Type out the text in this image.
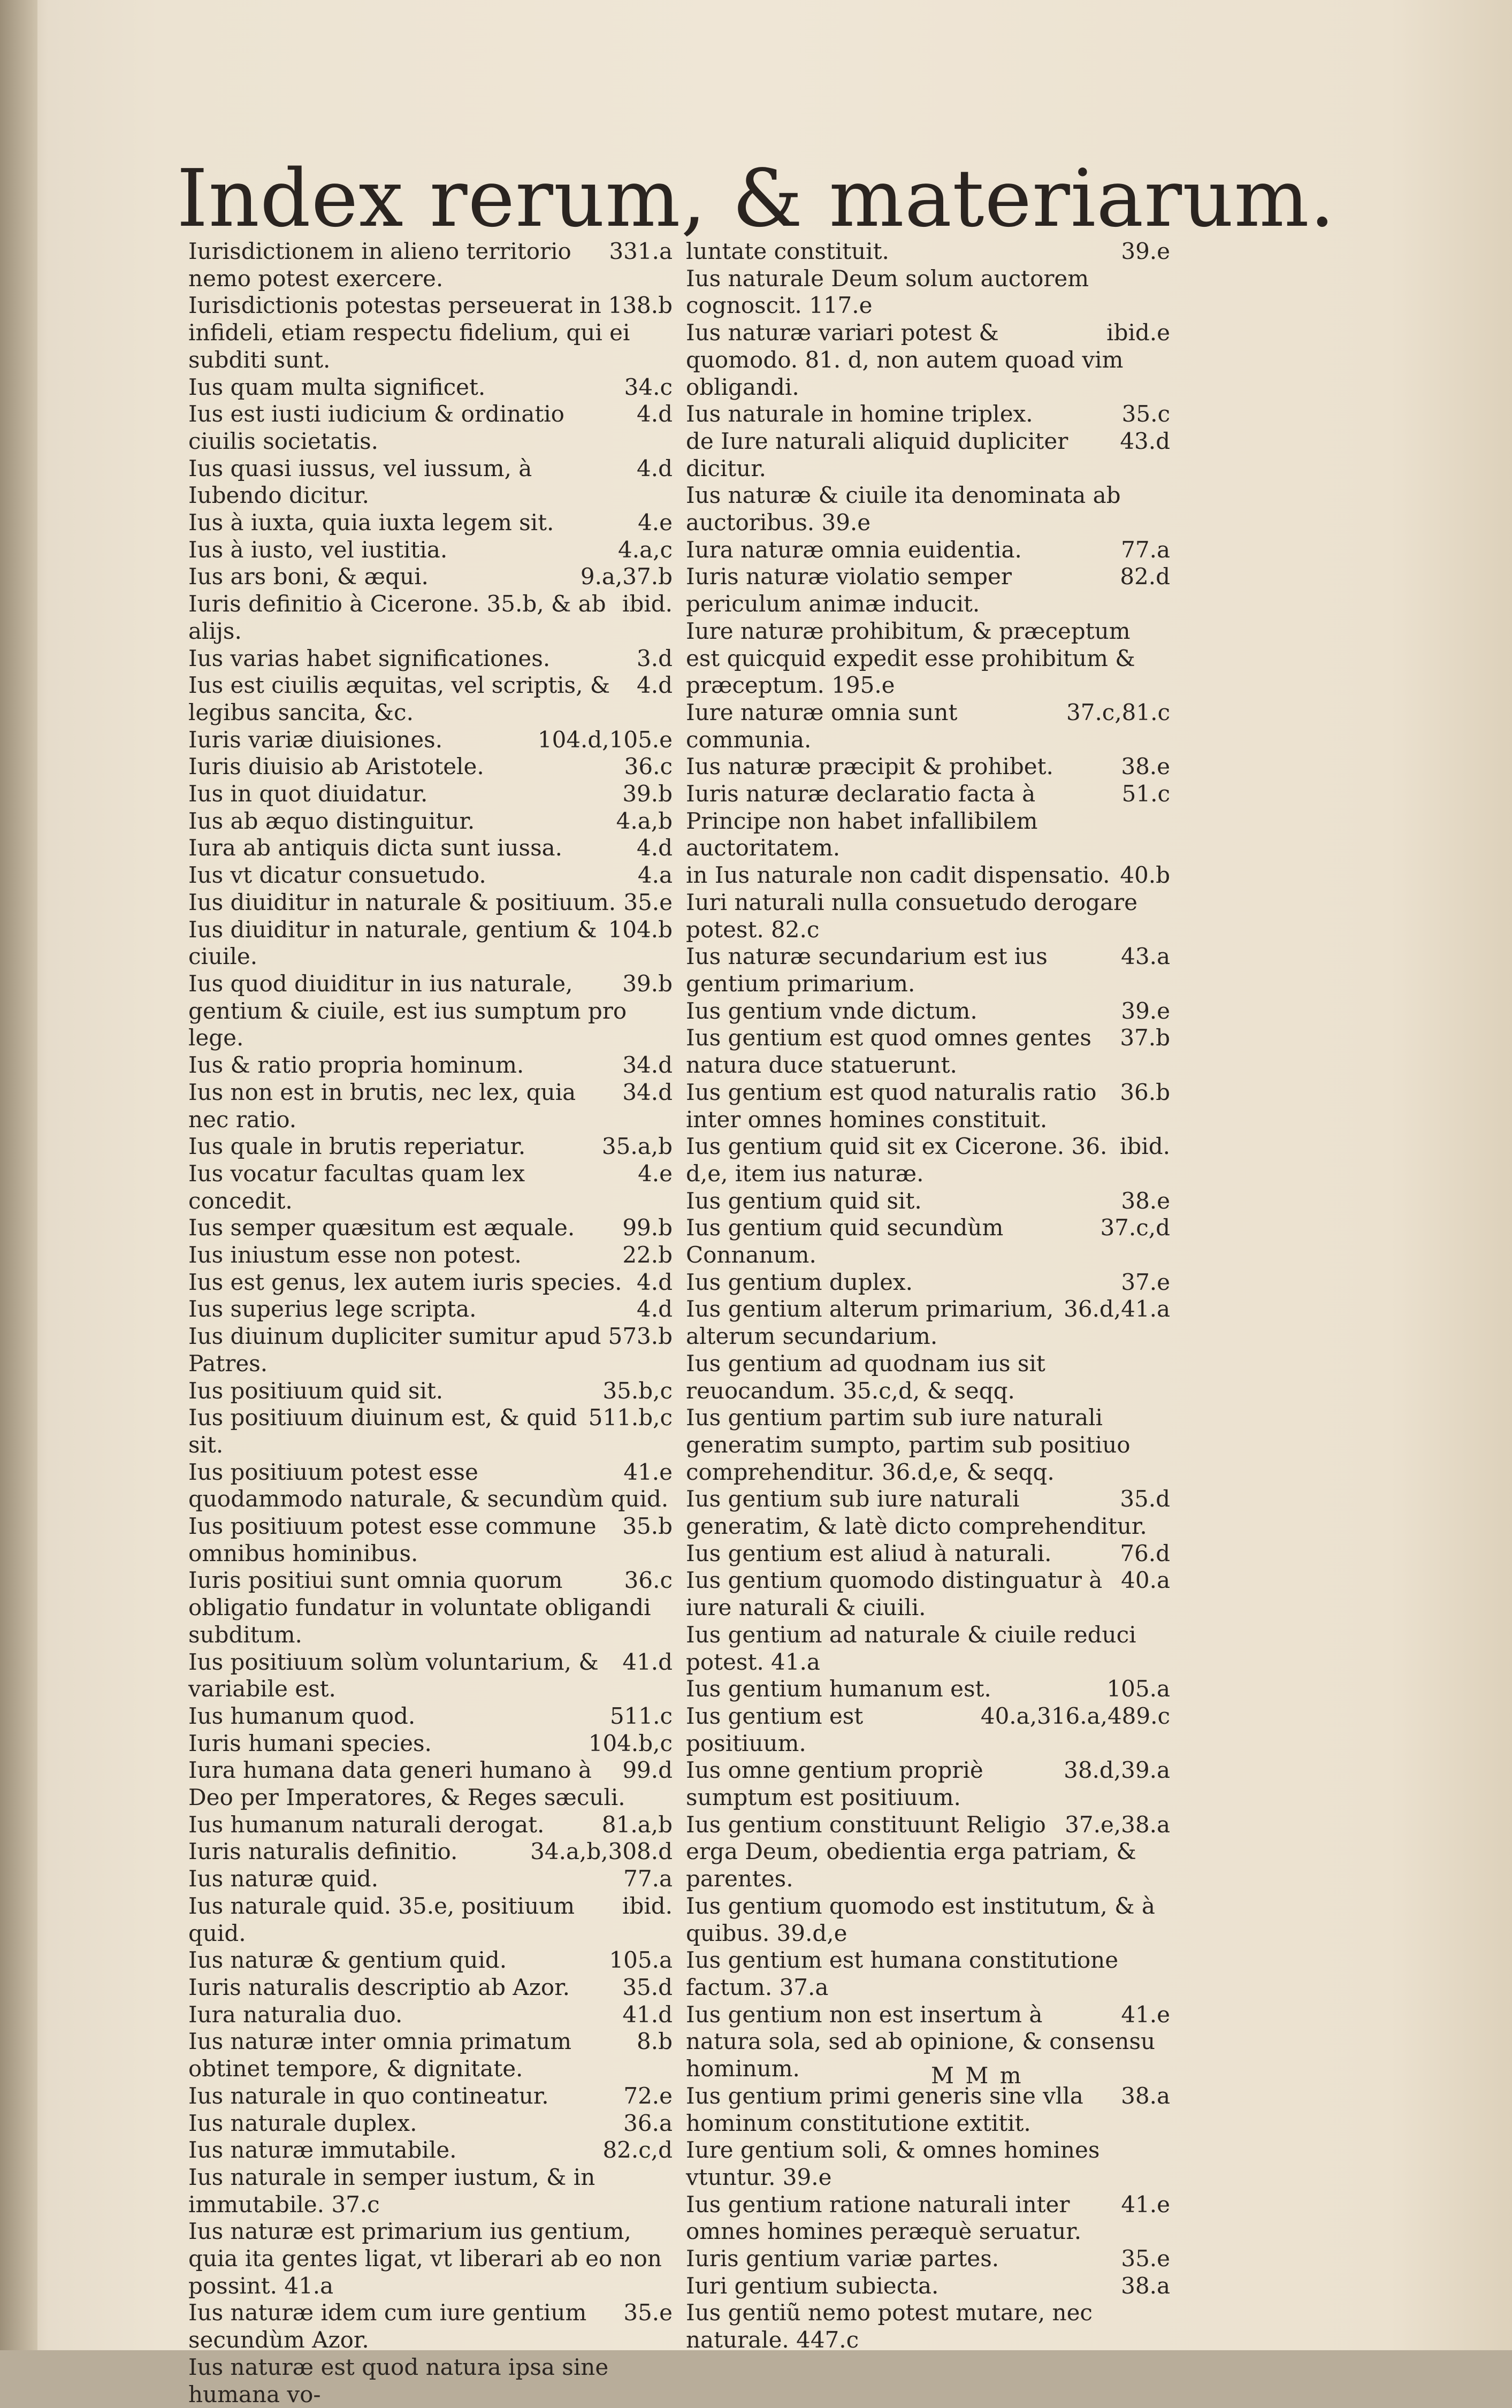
Index rerum, & materiarum.
331.a
Iurisdictionem in alieno territorio nemo potest exercere.
138.b
Iurisdictionis potestas perseuerat in infideli, etiam respectu fidelium, qui ei subditi sunt.
34.c
Ius quam multa significet.
4.d
Ius est iusti iudicium & ordinatio ciuilis societatis.
4.d
Ius quasi iussus, vel iussum, à Iubendo dicitur.
4.e
Ius à iuxta, quia iuxta legem sit.
4.a,c
Ius à iusto, vel iustitia.
9.a,37.b
Ius ars boni, & æqui.
ibid.
Iuris definitio à Cicerone. 35.b, & ab alijs.
3.d
Ius varias habet significationes.
4.d
Ius est ciuilis æquitas, vel scriptis, & legibus sancita, &c.
104.d,105.e
Iuris variæ diuisiones.
36.c
Iuris diuisio ab Aristotele.
39.b
Ius in quot diuidatur.
4.a,b
Ius ab æquo distinguitur.
4.d
Iura ab antiquis dicta sunt iussa.
4.a
Ius vt dicatur consuetudo.
35.e
Ius diuiditur in naturale & positiuum.
104.b
Ius diuiditur in naturale, gentium & ciuile.
39.b
Ius quod diuiditur in ius naturale, gentium & ciuile, est ius sumptum pro lege.
34.d
Ius & ratio propria hominum.
34.d
Ius non est in brutis, nec lex, quia nec ratio.
35.a,b
Ius quale in brutis reperiatur.
4.e
Ius vocatur facultas quam lex concedit.
99.b
Ius semper quæsitum est æquale.
22.b
Ius iniustum esse non potest.
4.d
Ius est genus, lex autem iuris species.
4.d
Ius superius lege scripta.
573.b
Ius diuinum dupliciter sumitur apud Patres.
35.b,c
Ius positiuum quid sit.
511.b,c
Ius positiuum diuinum est, & quid sit.
41.e
Ius positiuum potest esse quodammodo naturale, & secundùm quid.
35.b
Ius positiuum potest esse commune omnibus hominibus.
36.c
Iuris positiui sunt omnia quorum obligatio fundatur in voluntate obligandi subditum.
41.d
Ius positiuum solùm voluntarium, & variabile est.
511.c
Ius humanum quod.
104.b,c
Iuris humani species.
99.d
Iura humana data generi humano à Deo per Imperatores, & Reges sæculi.
81.a,b
Ius humanum naturali derogat.
34.a,b,308.d
Iuris naturalis definitio.
77.a
Ius naturæ quid.
ibid.
Ius naturale quid. 35.e, positiuum quid.
105.a
Ius naturæ & gentium quid.
35.d
Iuris naturalis descriptio ab Azor.
41.d
Iura naturalia duo.
8.b
Ius naturæ inter omnia primatum obtinet tempore, & dignitate.
72.e
Ius naturale in quo contineatur.
36.a
Ius naturale duplex.
82.c,d
Ius naturæ immutabile.
Ius naturale in semper iustum, & in immutabile. 37.c
Ius naturæ est primarium ius gentium, quia ita gentes ligat, vt liberari ab eo non possint. 41.a
35.e
Ius naturæ idem cum iure gentium secundùm Azor.
Ius naturæ est quod natura ipsa sine humana vo-
39.e
luntate constituit.
Ius naturale Deum solum auctorem cognoscit. 117.e
ibid.e
Ius naturæ variari potest & quomodo. 81. d, non autem quoad vim obligandi.
35.c
Ius naturale in homine triplex.
43.d
de Iure naturali aliquid dupliciter dicitur.
Ius naturæ & ciuile ita denominata ab auctoribus. 39.e
77.a
Iura naturæ omnia euidentia.
82.d
Iuris naturæ violatio semper periculum animæ inducit.
Iure naturæ prohibitum, & præceptum est quicquid expedit esse prohibitum & præceptum. 195.e
37.c,81.c
Iure naturæ omnia sunt communia.
38.e
Ius naturæ præcipit & prohibet.
51.c
Iuris naturæ declaratio facta à Principe non habet infallibilem auctoritatem.
40.b
in Ius naturale non cadit dispensatio.
Iuri naturali nulla consuetudo derogare potest. 82.c
43.a
Ius naturæ secundarium est ius gentium primarium.
39.e
Ius gentium vnde dictum.
37.b
Ius gentium est quod omnes gentes natura duce statuerunt.
36.b
Ius gentium est quod naturalis ratio inter omnes homines constituit.
ibid.
Ius gentium quid sit ex Cicerone. 36. d,e, item ius naturæ.
38.e
Ius gentium quid sit.
37.c,d
Ius gentium quid secundùm Connanum.
37.e
Ius gentium duplex.
36.d,41.a
Ius gentium alterum primarium, alterum secundarium.
Ius gentium ad quodnam ius sit reuocandum. 35.c,d, & seqq.
Ius gentium partim sub iure naturali generatim sumpto, partim sub positiuo comprehenditur. 36.d,e, & seqq.
35.d
Ius gentium sub iure naturali generatim, & latè dicto comprehenditur.
76.d
Ius gentium est aliud à naturali.
40.a
Ius gentium quomodo distinguatur à iure naturali & ciuili.
Ius gentium ad naturale & ciuile reduci potest. 41.a
105.a
Ius gentium humanum est.
40.a,316.a,489.c
Ius gentium est positiuum.
38.d,39.a
Ius omne gentium propriè sumptum est positiuum.
37.e,38.a
Ius gentium constituunt Religio erga Deum, obedientia erga patriam, & parentes.
Ius gentium quomodo est institutum, & à quibus. 39.d,e
Ius gentium est humana constitutione factum. 37.a
41.e
Ius gentium non est insertum à natura sola, sed ab opinione, & consensu hominum.
38.a
Ius gentium primi generis sine vlla hominum constitutione extitit.
Iure gentium soli, & omnes homines vtuntur. 39.e
41.e
Ius gentium ratione naturali inter omnes homines peræquè seruatur.
35.e
Iuris gentium variæ partes.
38.a
Iuri gentium subiecta.
Ius gentiũ nemo potest mutare, nec naturale. 447.c
M M m
